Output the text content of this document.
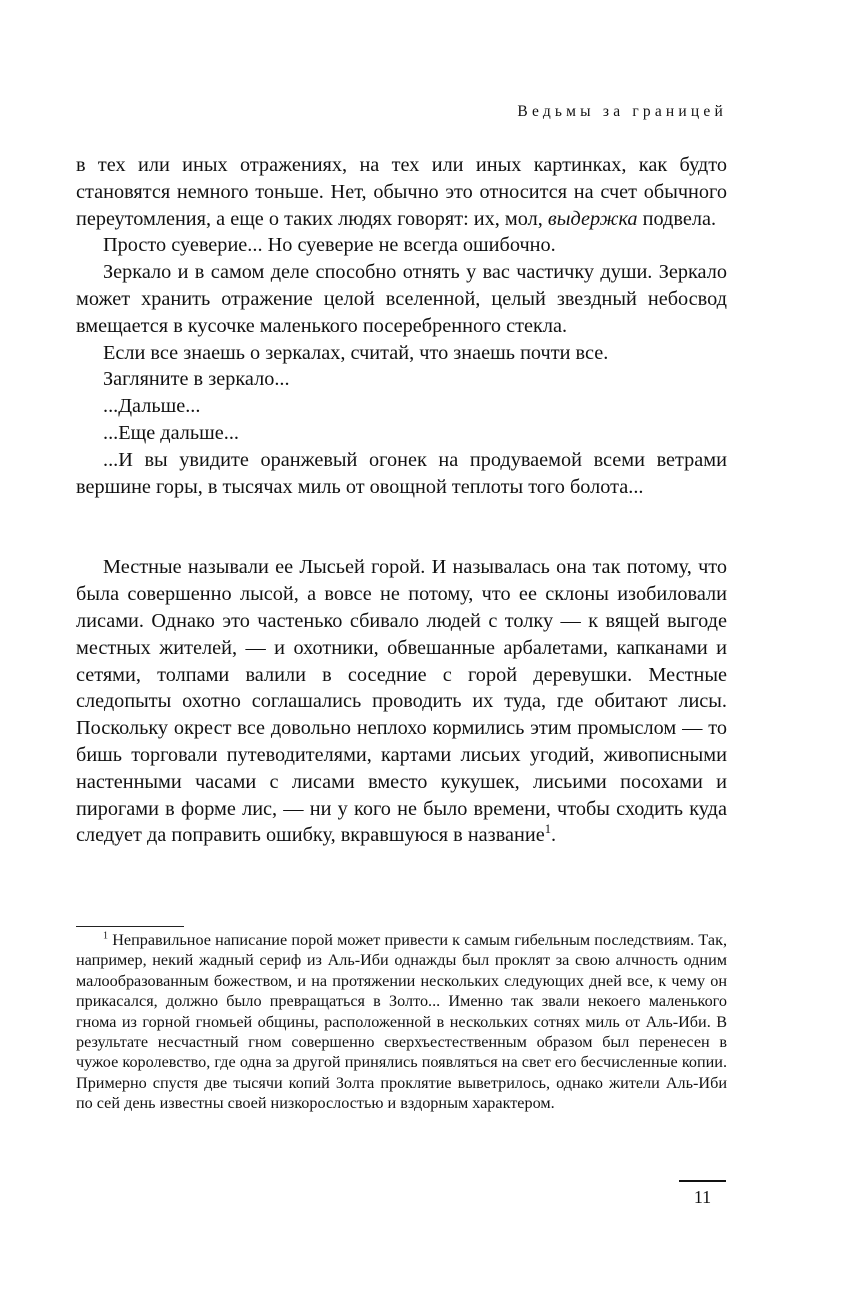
Ведьмы за границей

в тех или иных отражениях, на тех или иных картинках, как будто становятся немного тоньше. Нет, обычно это относится на счет обычного переутомления, а еще о таких людях говорят: их, мол, выдержка подвела.

Просто суеверие... Но суеверие не всегда ошибочно.

Зеркало и в самом деле способно отнять у вас частичку души. Зеркало может хранить отражение целой вселенной, целый звездный небосвод вмещается в кусочке маленького посеребренного стекла.

Если все знаешь о зеркалах, считай, что знаешь почти все.

Загляните в зеркало...

...Дальше...

...Еще дальше...

...И вы увидите оранжевый огонек на продуваемой всеми ветрами вершине горы, в тысячах миль от овощной теплоты того болота...

Местные называли ее Лысьей горой. И называлась она так потому, что была совершенно лысой, а вовсе не потому, что ее склоны изобиловали лисами. Однако это частенько сбивало людей с толку — к вящей выгоде местных жителей, — и охотники, обвешанные арбалетами, капканами и сетями, толпами валили в соседние с горой деревушки. Местные следопыты охотно соглашались проводить их туда, где обитают лисы. Поскольку окрест все довольно неплохо кормились этим промыслом — то бишь торговали путеводителями, картами лисьих угодий, живописными настенными часами с лисами вместо кукушек, лисьими посохами и пирогами в форме лис, — ни у кого не было времени, чтобы сходить куда следует да поправить ошибку, вкравшуюся в название$^1$.

$^1$ Неправильное написание порой может привести к самым гибельным последствиям. Так, например, некий жадный сериф из Аль-Иби однажды был проклят за свою алчность одним малообразованным божеством, и на протяжении нескольких следующих дней все, к чему он прикасался, должно было превращаться в Золто... Именно так звали некоего маленького гнома из горной гномьей общины, расположенной в нескольких сотнях миль от Аль-Иби. В результате несчастный гном совершенно сверхъестественным образом был перенесен в чужое королевство, где одна за другой принялись появляться на свет его бесчисленные копии. Примерно спустя две тысячи копий Золта проклятие выветрилось, однако жители Аль-Иби по сей день известны своей низкорослостью и вздорным характером.

11
